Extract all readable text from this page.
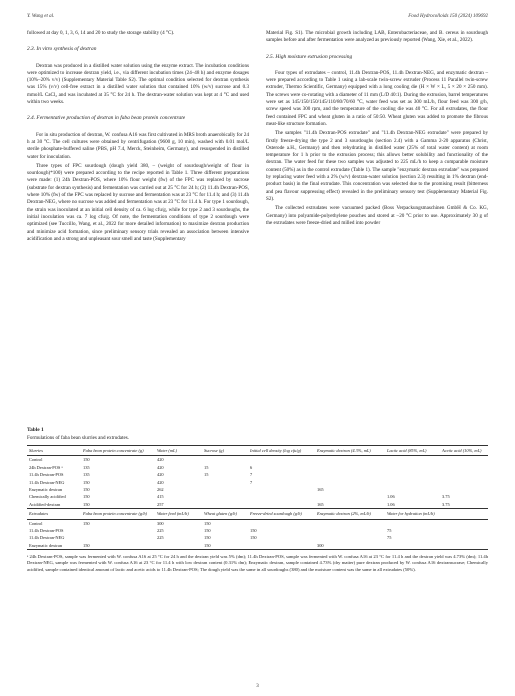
Y. Wang et al.	Food Hydrocolloids 150 (2024) 109692

followed at day 0, 1, 3, 6, 14 and 20 to study the storage stability (4 °C).

2.3. In vitro synthesis of dextran

Dextran was produced in a distilled water solution using the enzyme extract. The incubation conditions were optimized to increase dextran yield, i.e., via different incubation times (24–48 h) and enzyme dosages (10%–20% v/v) (Supplementary Material Table S2). The optimal condition selected for dextran synthesis was 15% (v/v) cell-free extract in a distilled water solution that contained 10% (w/v) sucrose and 0.3 mmol/L CaCl₂ and was incubated at 35 °C for 24 h. The dextran-water solution was kept at 4 °C and used within two weeks.

2.4. Fermentative production of dextran in faba bean protein concentrate

For in situ production of dextran, W. confusa A16 was first cultivated in MRS broth anaerobically for 24 h at 30 °C. The cell cultures were obtained by centrifugation (9600 g, 10 min), washed with 0.01 mol/L sterile phosphate-buffered saline (PBS, pH 7.4, Merck, Steinheim, Germany), and resuspended in distilled water for inoculation.

Three types of FPC sourdough (dough yield 380, – (weight of sourdough/weight of flour in sourdough)*100) were prepared according to the recipe reported in Table 1. Three different preparations were made: (1) 24h Dextran-POS, where 10% flour weight (fw) of the FPC was replaced by sucrose (substrate for dextran synthesis) and fermentation was carried out at 25 °C for 24 h; (2) 11.4h Dextran-POS, where 10% (fw) of the FPC was replaced by sucrose and fermentation was at 23 °C for 11.4 h; and (3) 11.4h Dextran-NEG, where no sucrose was added and fermentation was at 23 °C for 11.4 h. For type 1 sourdough, the strain was inoculated at an initial cell density of ca. 6 log cfu/g, while for type 2 and 3 sourdoughs, the initial inoculation was ca. 7 log cfu/g. Of note, the fermentation conditions of type 2 sourdough were optimized (see Tuccillo, Wang, et al., 2022 for more detailed information) to maximize dextran production and minimize acid formation, since preliminary sensory trials revealed an association between intensive acidification and a strong and unpleasant sour smell and taste (Supplementary

Material Fig. S1). The microbial growth including LAB, Enterobacteriaceae, and B. cereus in sourdough samples before and after fermentation were analyzed as previously reported (Wang, Xie, et al., 2022).

2.5. High moisture extrusion processing

Four types of extrudates – control, 11.4h Dextran-POS, 11.4h Dextran-NEG, and enzymatic dextran – were prepared according to Table 1 using a lab-scale twin-screw extruder (Process 11 Parallel twin-screw extruder, Thermo Scientific, Germany) equipped with a long cooling die (H × W × L, 5 × 20 × 250 mm). The screws were co-rotating with a diameter of 11 mm (L/D 40:1). During the extrusion, barrel temperatures were set as 145/150/150/145/110/80/70/60 °C, water feed was set as 300 mL/h, flour feed was 300 g/h, screw speed was 300 rpm, and the temperature of the cooling die was 40 °C. For all extrudates, the flour feed contained FPC and wheat gluten in a ratio of 50:50. Wheat gluten was added to promote the fibrous meat-like structure formation.

The samples "11.4h Dextran-POS extrudate" and "11.4h Dextran-NEG extrudate" were prepared by firstly freeze-drying the type 2 and 3 sourdoughs (section 2.4) with a Gamma 2-20 apparatus (Christ, Osterode a.H., Germany) and then rehydrating in distilled water (25% of total water content) at room temperature for 1 h prior to the extrusion process; this allows better solubility and functionality of the dextran. The water feed for these two samples was adjusted to 225 mL/h to keep a comparable moisture content (50%) as in the control extrudate (Table 1). The sample "enzymatic dextran extrudate" was prepared by replacing water feed with a 2% (w/v) dextran-water solution (section 2.3) resulting in 1% dextran (end-product basis) in the final extrudate. This concentration was selected due to the promising result (bitterness and pea flavour suppressing effect) revealed in the preliminary sensory test (Supplementary Material Fig. S2).

The collected extrudates were vacuumed packed (Boss Verpackungsmaschinen GmbH & Co. KG, Germany) into polyamide-polyethylene pouches and stored at −20 °C prior to use. Approximately 30 g of the extrudates were freeze-dried and milled into powder

Table 1
Formulations of faba bean slurries and extrudates.
Slurries	Faba bean protein concentrate (g)	Water (mL)	Sucrose (g)	Initial cell density (log cfu/g)	Enzymatic dextran (4.3%, mL)	Lactic acid (85%, mL)	Acetic acid (10%, mL)
Control	150	420					
24h Dextran-POS ᵃ	135	420	15	6			
11.4h Dextran-POS	135	420	15	7			
11.4h Dextran-NEG	150	420		7			
Enzymatic dextran	150	262			165		
Chemically acidified	150	415				1.06	3.75
Acidified-dextran	150	257			165	1.06	3.75
Extrudates	Faba bean protein concentrate (g/h)	Water feed (mL/h)	Wheat gluten (g/h)	Freeze-dried sourdough (g/h)	Enzymatic dextran (2%, mL/h)	Water for hydration (mL/h)	
Control	150	300	150				
11.4h Dextran-POS		225	150	150		75	
11.4h Dextran-NEG		225	150	150		75	
Enzymatic dextran	150		150		300		
ᵃ 24h Dextran-POS, sample was fermented with W. confusa A16 at 25 °C for 24 h and the dextran yield was 5% (dm); 11.4h Dextran-POS, sample was fermented with W. confusa A16 at 23 °C for 11.4 h and the dextran yield was 4.73% (dm); 11.4h Dextran-NEG, sample was fermented with W. confusa A16 at 23 °C for 11.4 h with low dextran content (0.31% dm); Enzymatic dextran, sample contained 4.73% (dry matter) pure dextran produced by W. confusa A16 dextransucrase; Chemically acidified, sample contained identical amount of lactic and acetic acids to 11.4h Dextran-POS; The dough yield was the same in all sourdoughs (380) and the moisture content was the same in all extrudates (50%).
3
